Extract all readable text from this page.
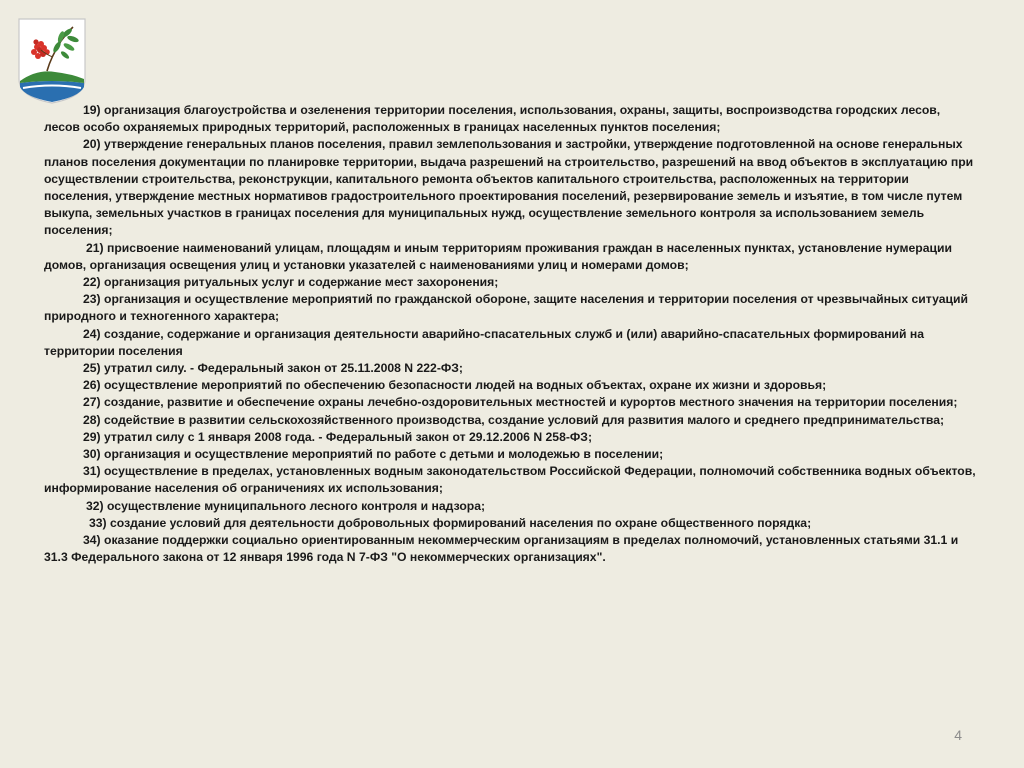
19) организация благоустройства и озеленения территории поселения, использования, охраны, защиты, воспроизводства городских лесов, лесов особо охраняемых природных территорий, расположенных в границах населенных пунктов поселения;

20) утверждение генеральных планов поселения, правил землепользования и застройки, утверждение подготовленной на основе генеральных планов поселения документации по планировке территории, выдача разрешений на строительство, разрешений на ввод объектов в эксплуатацию при осуществлении строительства, реконструкции, капитального ремонта объектов капитального строительства, расположенных на территории поселения, утверждение местных нормативов градостроительного проектирования поселений, резервирование земель и изъятие, в том числе путем выкупа, земельных участков в границах поселения для муниципальных нужд, осуществление земельного контроля за использованием земель поселения;

21) присвоение наименований улицам, площадям и иным территориям проживания граждан в населенных пунктах, установление нумерации домов, организация освещения улиц и установки указателей с наименованиями улиц и номерами домов;

22) организация ритуальных услуг и содержание мест захоронения;

23) организация и осуществление мероприятий по гражданской обороне, защите населения и территории поселения от чрезвычайных ситуаций природного и техногенного характера;

24) создание, содержание и организация деятельности аварийно-спасательных служб и (или) аварийно-спасательных формирований на территории поселения

25) утратил силу. - Федеральный закон от 25.11.2008 N 222-ФЗ;

26) осуществление мероприятий по обеспечению безопасности людей на водных объектах, охране их жизни и здоровья;

27) создание, развитие и обеспечение охраны лечебно-оздоровительных местностей и курортов местного значения на территории поселения;

28) содействие в развитии сельскохозяйственного производства, создание условий для развития малого и среднего предпринимательства;

29) утратил силу с 1 января 2008 года. - Федеральный закон от 29.12.2006 N 258-ФЗ;

30) организация и осуществление мероприятий по работе с детьми и молодежью в поселении;

31) осуществление в пределах, установленных водным законодательством Российской Федерации, полномочий собственника водных объектов, информирование населения об ограничениях их использования;

32) осуществление муниципального лесного контроля и надзора;

33) создание условий для деятельности добровольных формирований населения по охране общественного порядка;

34) оказание поддержки социально ориентированным некоммерческим организациям в пределах полномочий, установленных статьями 31.1 и 31.3 Федерального закона от 12 января 1996 года N 7-ФЗ "О некоммерческих организациях".

4
